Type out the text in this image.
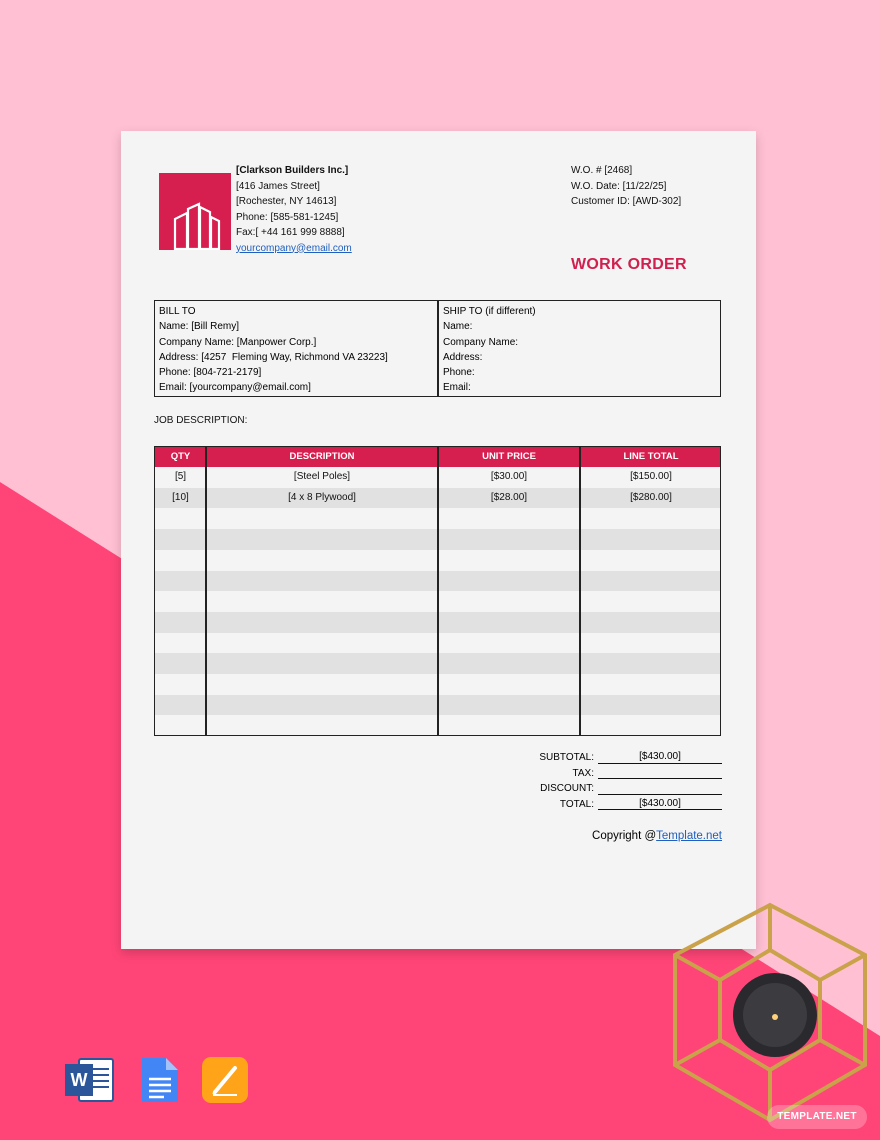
[Clarkson Builders Inc.]
[416 James Street]
[Rochester, NY 14613]
Phone: [585-581-1245]
Fax:[ +44 161 999 8888]
yourcompany@email.com
W.O. # [2468]
W.O. Date: [11/22/25]
Customer ID: [AWD-302]
WORK ORDER
BILL TO
Name: [Bill Remy]
Company Name: [Manpower Corp.]
Address: [4257  Fleming Way, Richmond VA 23223]
Phone: [804-721-2179]
Email: [yourcompany@email.com]
SHIP TO (if different)
Name:
Company Name:
Address:
Phone:
Email:
JOB DESCRIPTION:
QTY	DESCRIPTION	UNIT PRICE	LINE TOTAL
[5]	[Steel Poles]	[$30.00]	[$150.00]
[10]	[4 x 8 Plywood]	[$28.00]	[$280.00]
SUBTOTAL:	[$430.00]
TAX:
DISCOUNT:
TOTAL:	[$430.00]
Copyright @Template.net
W
TEMPLATE.NET
